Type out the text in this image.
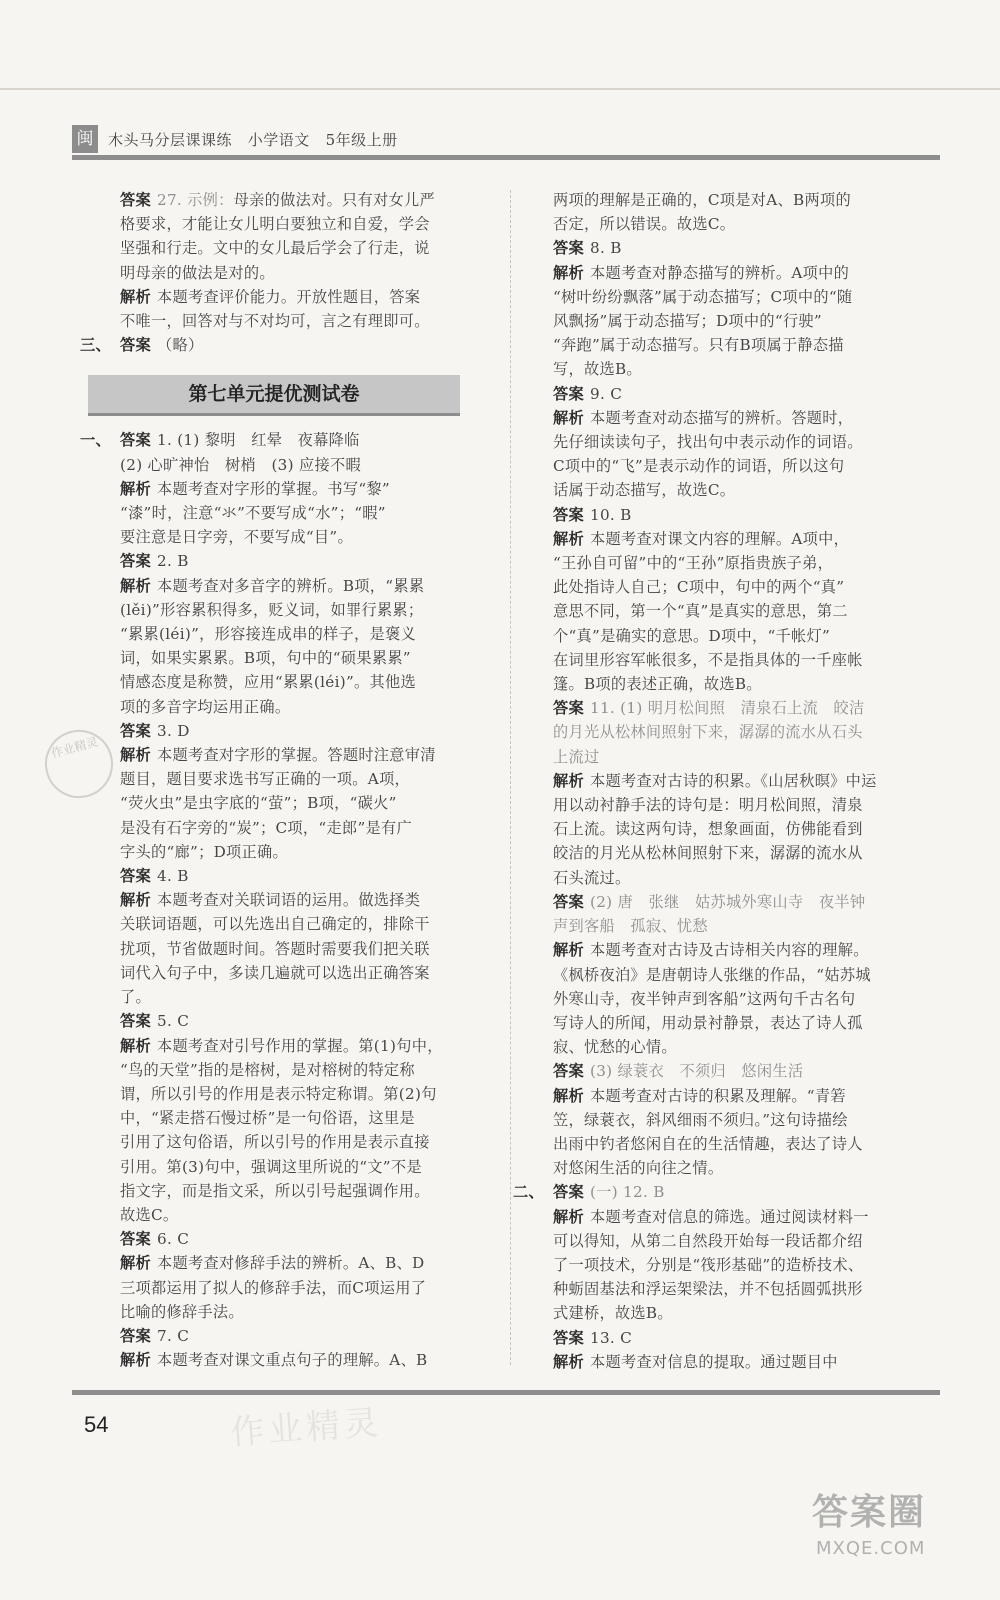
闽 木头马分层课课练   小学语文   5年级上册

答案 27. 示例：母亲的做法对。只有对女儿严

格要求，才能让女儿明白要独立和自爱，学会

坚强和行走。文中的女儿最后学会了行走，说

明母亲的做法是对的。

解析 本题考查评价能力。开放性题目，答案

不唯一，回答对与不对均可，言之有理即可。

三、 答案 （略）

第七单元提优测试卷

一、 答案 1. (1) 黎明　红晕　夜幕降临

(2) 心旷神怡　树梢　(3) 应接不暇

解析 本题考查对字形的掌握。书写“黎”

“漆”时，注意“氺”不要写成“水”；“暇”

要注意是日字旁，不要写成“目”。

答案 2. B

解析 本题考查对多音字的辨析。B项，“累累

(lěi)”形容累积得多，贬义词，如罪行累累；

“累累(léi)”，形容接连成串的样子，是褒义

词，如果实累累。B项，句中的“硕果累累”

情感态度是称赞，应用“累累(léi)”。其他选

项的多音字均运用正确。

答案 3. D

解析 本题考查对字形的掌握。答题时注意审清

题目，题目要求选书写正确的一项。A项，

“荧火虫”是虫字底的“萤”；B项，“碳火”

是没有石字旁的“炭”；C项，“走郎”是有广

字头的“廊”；D项正确。

答案 4. B

解析 本题考查对关联词语的运用。做选择类

关联词语题，可以先选出自己确定的，排除干

扰项，节省做题时间。答题时需要我们把关联

词代入句子中，多读几遍就可以选出正确答案

了。

答案 5. C

解析 本题考查对引号作用的掌握。第(1)句中，

“鸟的天堂”指的是榕树，是对榕树的特定称

谓，所以引号的作用是表示特定称谓。第(2)句

中，“紧走搭石慢过桥”是一句俗语，这里是

引用了这句俗语，所以引号的作用是表示直接

引用。第(3)句中，强调这里所说的“文”不是

指文字，而是指文采，所以引号起强调作用。

故选C。

答案 6. C

解析 本题考查对修辞手法的辨析。A、B、D

三项都运用了拟人的修辞手法，而C项运用了

比喻的修辞手法。

答案 7. C

解析 本题考查对课文重点句子的理解。A、B

两项的理解是正确的，C项是对A、B两项的

否定，所以错误。故选C。

答案 8. B

解析 本题考查对静态描写的辨析。A项中的

“树叶纷纷飘落”属于动态描写；C项中的“随

风飘扬”属于动态描写；D项中的“行驶”

“奔跑”属于动态描写。只有B项属于静态描

写，故选B。

答案 9. C

解析 本题考查对动态描写的辨析。答题时，

先仔细读读句子，找出句中表示动作的词语。

C项中的“飞”是表示动作的词语，所以这句

话属于动态描写，故选C。

答案 10. B

解析 本题考查对课文内容的理解。A项中，

“王孙自可留”中的“王孙”原指贵族子弟，

此处指诗人自己；C项中，句中的两个“真”

意思不同，第一个“真”是真实的意思，第二

个“真”是确实的意思。D项中，“千帐灯”

在词里形容军帐很多，不是指具体的一千座帐

篷。B项的表述正确，故选B。

答案 11. (1) 明月松间照　清泉石上流　皎洁

的月光从松林间照射下来，潺潺的流水从石头

上流过

解析 本题考查对古诗的积累。《山居秋暝》中运

用以动衬静手法的诗句是：明月松间照，清泉

石上流。读这两句诗，想象画面，仿佛能看到

皎洁的月光从松林间照射下来，潺潺的流水从

石头流过。

答案 (2) 唐　张继　姑苏城外寒山寺　夜半钟

声到客船　孤寂、忧愁

解析 本题考查对古诗及古诗相关内容的理解。

《枫桥夜泊》是唐朝诗人张继的作品，“姑苏城

外寒山寺，夜半钟声到客船”这两句千古名句

写诗人的所闻，用动景衬静景，表达了诗人孤

寂、忧愁的心情。

答案 (3) 绿蓑衣　不须归　悠闲生活

解析 本题考查对古诗的积累及理解。“青箬

笠，绿蓑衣，斜风细雨不须归。”这句诗描绘

出雨中钓者悠闲自在的生活情趣，表达了诗人

对悠闲生活的向往之情。

二、 答案 (一) 12. B

解析 本题考查对信息的筛选。通过阅读材料一

可以得知，从第二自然段开始每一段话都介绍

了一项技术，分别是“筏形基础”的造桥技术、

种蛎固基法和浮运架梁法，并不包括圆弧拱形

式建桥，故选B。

答案 13. C

解析 本题考查对信息的提取。通过题目中

作业精灵
54	作业精灵
答案圈
MXQE.COM
